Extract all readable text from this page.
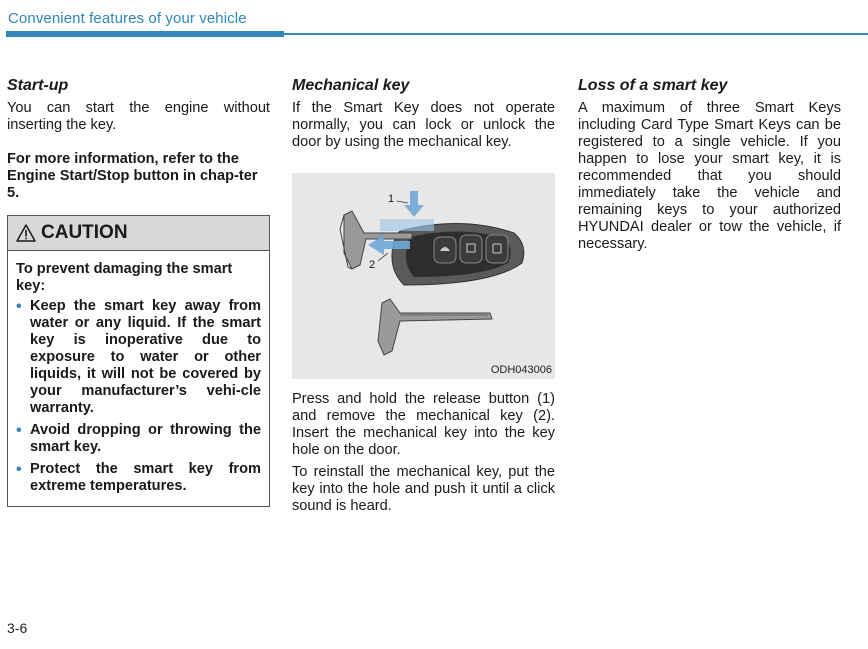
Convenient features of your vehicle
Start-up

You can start the engine without inserting the key.

For more information, refer to the Engine Start/Stop button in chap-ter 5.

CAUTION

To prevent damaging the smart key:

• Keep the smart key away from water or any liquid. If the smart key is inoperative due to exposure to water or other liquids, it will not be covered by your manufacturer’s vehi-cle warranty.
• Avoid dropping or throwing the smart key.
• Protect the smart key from extreme temperatures.
Mechanical key

If the Smart Key does not operate normally, you can lock or unlock the door by using the mechanical key.

1
2
ODH043006

Press and hold the release button (1) and remove the mechanical key (2). Insert the mechanical key into the key hole on the door.

To reinstall the mechanical key, put the key into the hole and push it until a click sound is heard.

Loss of a smart key

A maximum of three Smart Keys including Card Type Smart Keys can be registered to a single vehicle. If you happen to lose your smart key, it is recommended that you should immediately take the vehicle and remaining keys to your authorized HYUNDAI dealer or tow the vehicle, if necessary.

3-6
